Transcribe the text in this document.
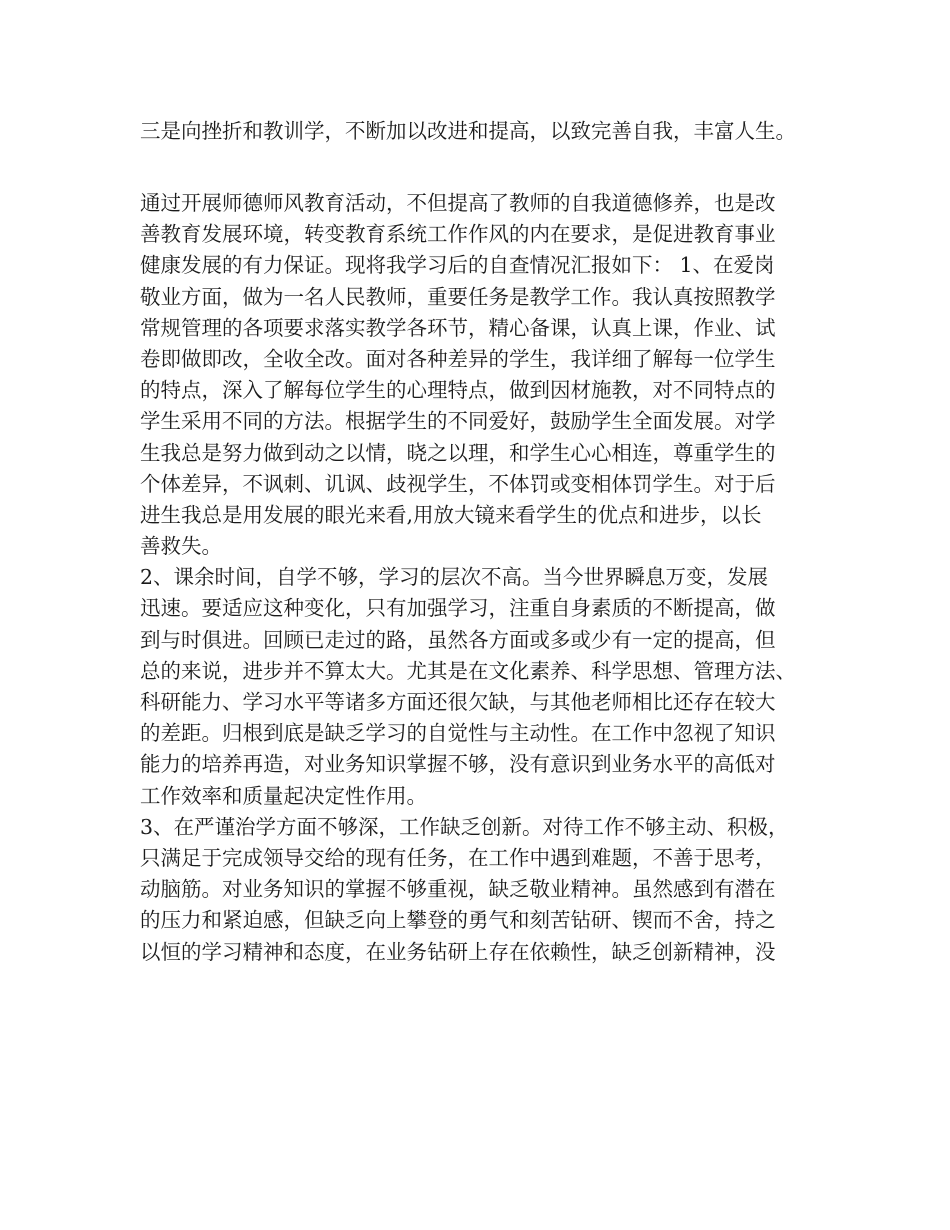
三是向挫折和教训学，不断加以改进和提高，以致完善自我，丰富人生。
通过开展师德师风教育活动，不但提高了教师的自我道德修养，也是改
善教育发展环境，转变教育系统工作作风的内在要求，是促进教育事业
健康发展的有力保证。现将我学习后的自查情况汇报如下： 1、在爱岗
敬业方面，做为一名人民教师，重要任务是教学工作。我认真按照教学
常规管理的各项要求落实教学各环节，精心备课，认真上课，作业、试
卷即做即改，全收全改。面对各种差异的学生，我详细了解每一位学生
的特点，深入了解每位学生的心理特点，做到因材施教，对不同特点的
学生采用不同的方法。根据学生的不同爱好，鼓励学生全面发展。对学
生我总是努力做到动之以情，晓之以理，和学生心心相连，尊重学生的
个体差异，不讽刺、讥讽、歧视学生，不体罚或变相体罚学生。对于后
进生我总是用发展的眼光来看,用放大镜来看学生的优点和进步，以长
善救失。
2、课余时间，自学不够，学习的层次不高。当今世界瞬息万变，发展
迅速。要适应这种变化，只有加强学习，注重自身素质的不断提高，做
到与时俱进。回顾已走过的路，虽然各方面或多或少有一定的提高，但
总的来说，进步并不算太大。尤其是在文化素养、科学思想、管理方法、
科研能力、学习水平等诸多方面还很欠缺，与其他老师相比还存在较大
的差距。归根到底是缺乏学习的自觉性与主动性。在工作中忽视了知识
能力的培养再造，对业务知识掌握不够，没有意识到业务水平的高低对
工作效率和质量起决定性作用。
3、在严谨治学方面不够深，工作缺乏创新。对待工作不够主动、积极，
只满足于完成领导交给的现有任务，在工作中遇到难题，不善于思考，
动脑筋。对业务知识的掌握不够重视，缺乏敬业精神。虽然感到有潜在
的压力和紧迫感，但缺乏向上攀登的勇气和刻苦钻研、锲而不舍，持之
以恒的学习精神和态度，在业务钻研上存在依赖性，缺乏创新精神，没
